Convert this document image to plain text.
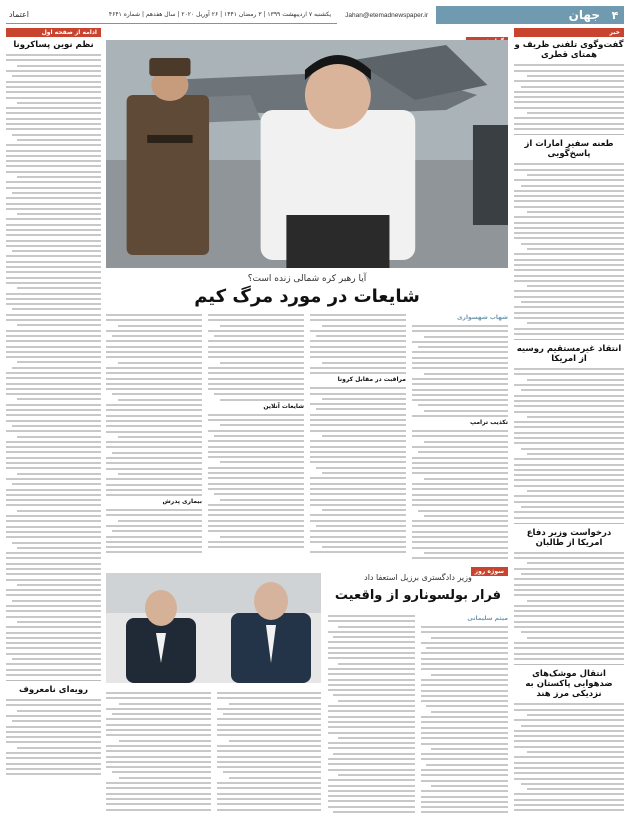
۴
جهان
Jahan@etemadnewspaper.ir
یکشنبه ۷ اردیبهشت ۱۳۹۹ | ۳ رمضان ۱۴۴۱ | ۲۶ آوریل ۲۰۲۰ | سال هفدهم | شماره ۴۶۴۱
اعتماد
خبر
گفت‌وگوی تلفنی ظریف و همتای قطری
طعنه سفیر امارات از پاسخ‌گویی
انتقاد غیرمستقیم روسیه از امریکا
درخواست وزیر دفاع امریکا از طالبان
انتقال موشک‌های ضدهوایی پاکستان به نزدیکی مرز هند
ادامه از صفحه اول
نظم نوین پساکرونا
رویه‌ای نامعروف
آیا رهبر کره شمالی زنده است؟
شایعات در مورد مرگ کیم
شهاب شهسواری
تکذیب ترامپ
مراقبت در مقابل کرونا
شایعات آنلاین
بیماری پدرش
سوژه روز
وزیر دادگستری برزیل استعفا داد
فرار بولسونارو از واقعیت
میثم سلیمانی
